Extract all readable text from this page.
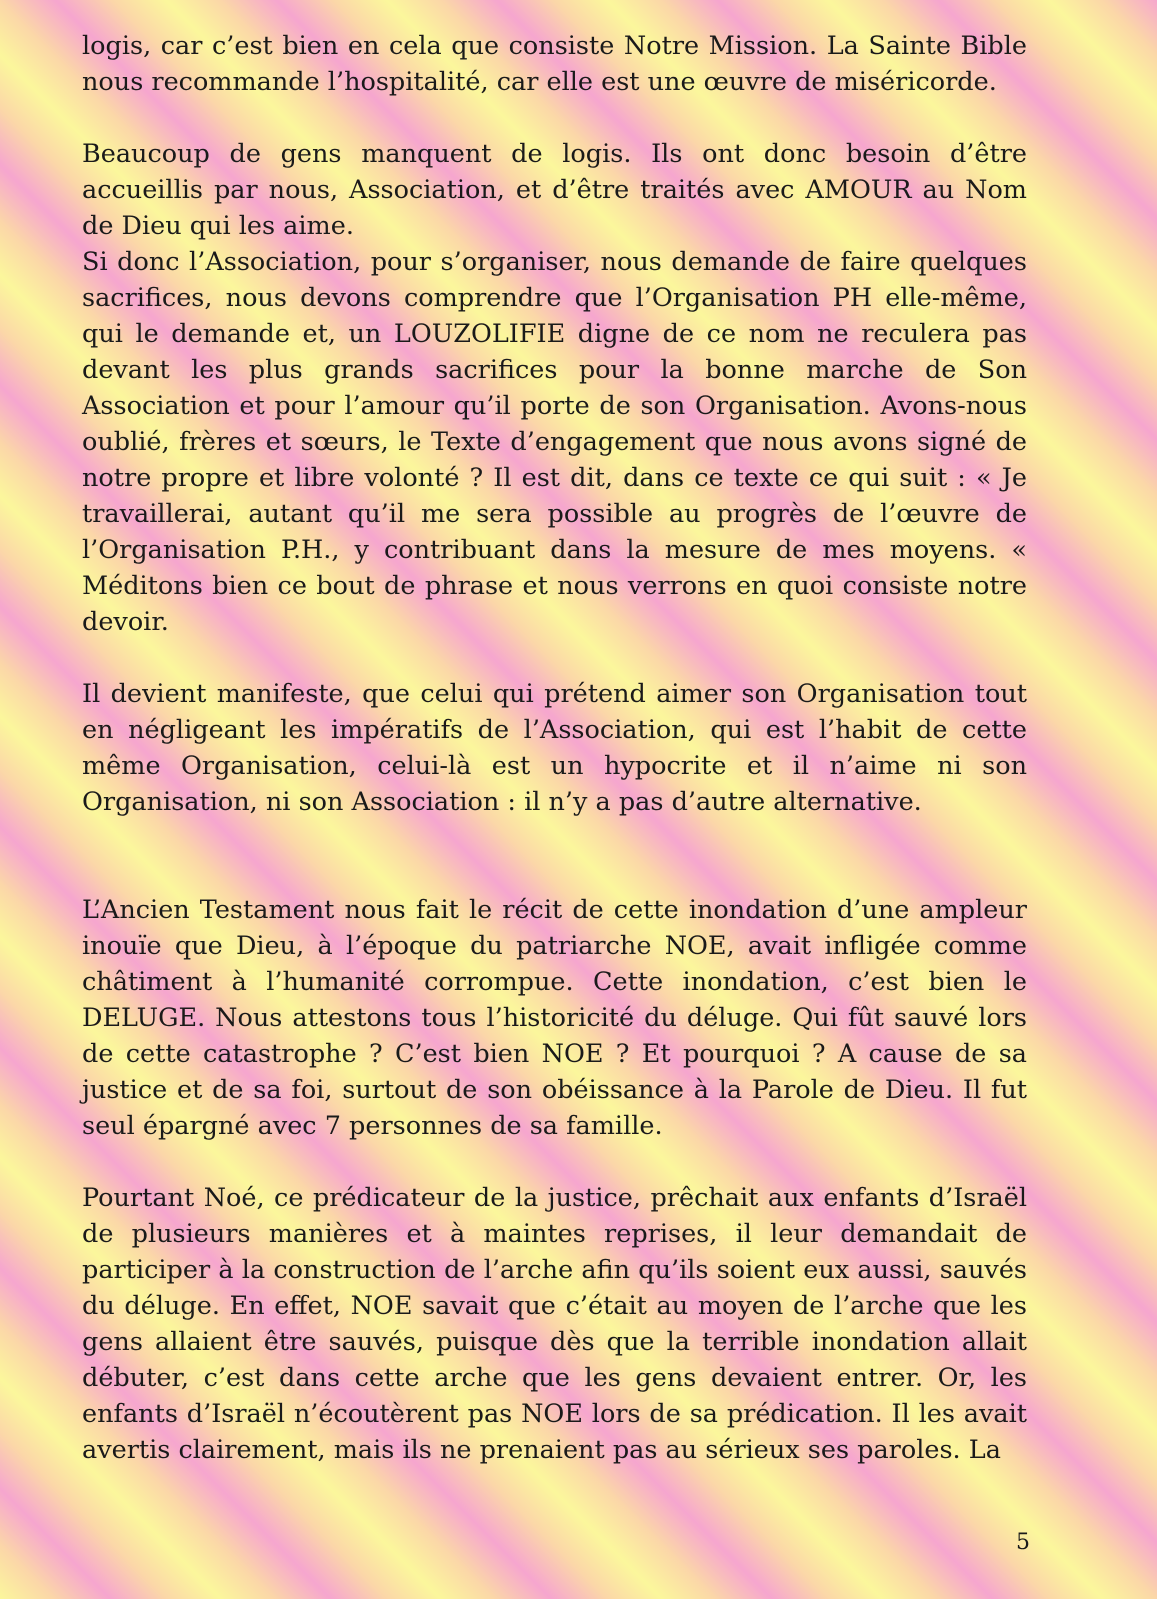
logis, car c’est bien en cela que consiste Notre Mission. La Sainte Bible nous recommande l’hospitalité, car elle est une œuvre de miséricorde.

Beaucoup de gens manquent de logis. Ils ont donc besoin d’être accueillis par nous, Association, et d’être traités avec AMOUR au Nom de Dieu qui les aime.

Si donc l’Association, pour s’organiser, nous demande de faire quelques sacrifices, nous devons comprendre que l’Organisation PH elle-même, qui le demande et, un LOUZOLIFIE digne de ce nom ne reculera pas devant les plus grands sacrifices pour la bonne marche de Son Association et pour l’amour qu’il porte de son Organisation. Avons-nous oublié, frères et sœurs, le Texte d’engagement que nous avons signé de notre propre et libre volonté ? Il est dit, dans ce texte ce qui suit : « Je travaillerai, autant qu’il me sera possible au progrès de l’œuvre de l’Organisation P.H., y contribuant dans la mesure de mes moyens. « Méditons bien ce bout de phrase et nous verrons en quoi consiste notre devoir.

Il devient manifeste, que celui qui prétend aimer son Organisation tout en négligeant les impératifs de l’Association, qui est l’habit de cette même Organisation, celui-là est un hypocrite et il n’aime ni son Organisation, ni son Association : il n’y a pas d’autre alternative.

L’Ancien Testament nous fait le récit de cette inondation d’une ampleur inouïe que Dieu, à l’époque du patriarche NOE, avait infligée comme châtiment à l’humanité corrompue. Cette inondation, c’est bien le DELUGE. Nous attestons tous l’historicité du déluge. Qui fût sauvé lors de cette catastrophe ? C’est bien NOE ? Et pourquoi ? A cause de sa justice et de sa foi, surtout de son obéissance à la Parole de Dieu. Il fut seul épargné avec 7 personnes de sa famille.

Pourtant Noé, ce prédicateur de la justice, prêchait aux enfants d’Israël de plusieurs manières et à maintes reprises, il leur demandait de participer à la construction de l’arche afin qu’ils soient eux aussi, sauvés du déluge. En effet, NOE savait que c’était au moyen de l’arche que les gens allaient être sauvés, puisque dès que la terrible inondation allait débuter, c’est dans cette arche que les gens devaient entrer. Or, les enfants d’Israël n’écoutèrent pas NOE lors de sa prédication. Il les avait avertis clairement, mais ils ne prenaient pas au sérieux ses paroles. La

5
